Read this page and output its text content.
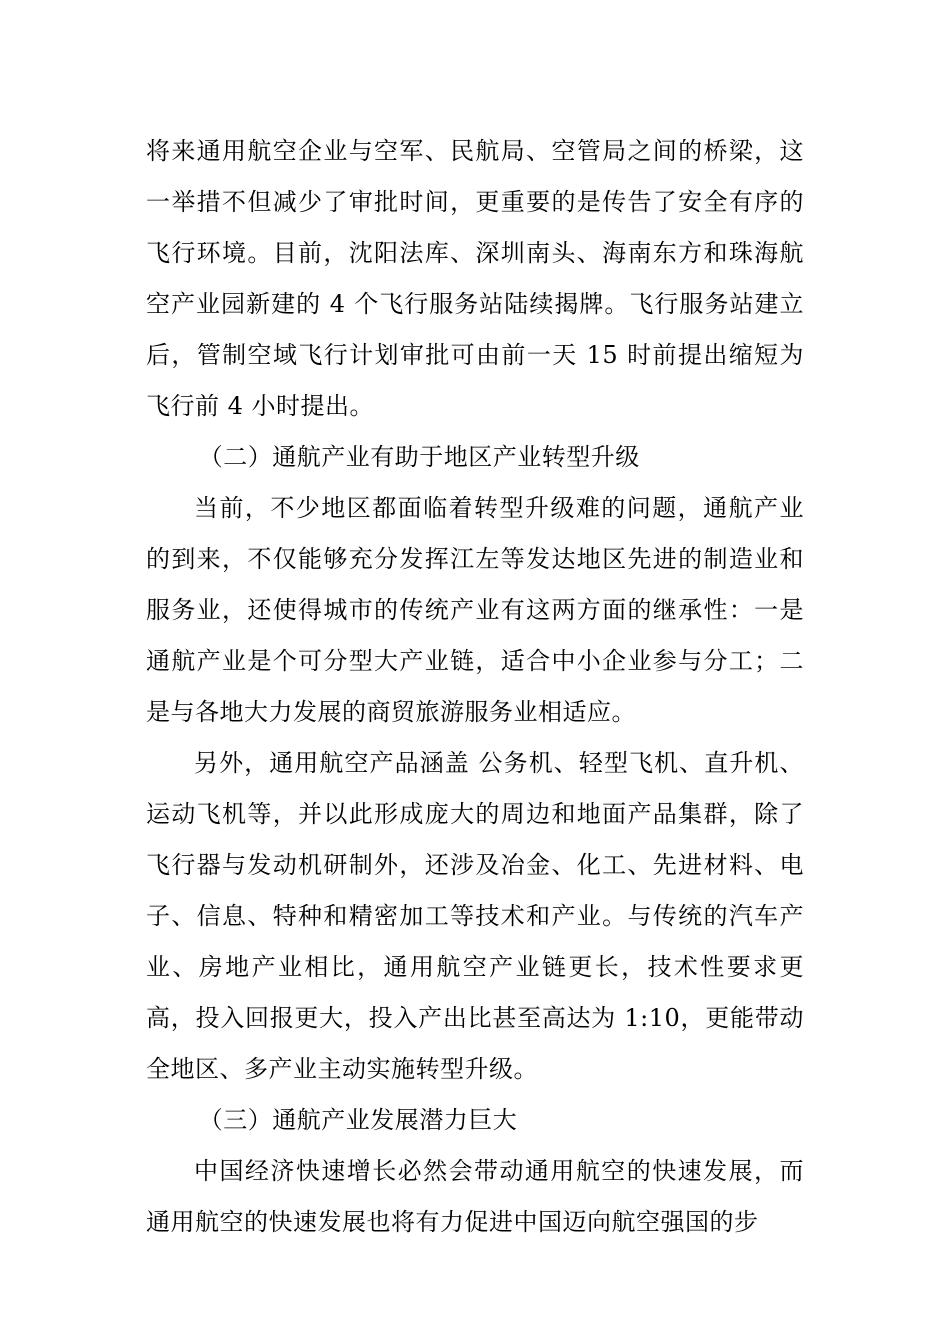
将来通用航空企业与空军、民航局、空管局之间的桥梁，这一举措不但减少了审批时间，更重要的是传告了安全有序的飞行环境。目前，沈阳法库、深圳南头、海南东方和珠海航空产业园新建的 4 个飞行服务站陆续揭牌。飞行服务站建立后，管制空域飞行计划审批可由前一天 15 时前提出缩短为飞行前 4 小时提出。

（二）通航产业有助于地区产业转型升级

当前，不少地区都面临着转型升级难的问题，通航产业的到来，不仅能够充分发挥江左等发达地区先进的制造业和服务业，还使得城市的传统产业有这两方面的继承性：一是通航产业是个可分型大产业链，适合中小企业参与分工；二是与各地大力发展的商贸旅游服务业相适应。

另外，通用航空产品涵盖 公务机、轻型飞机、直升机、运动飞机等，并以此形成庞大的周边和地面产品集群，除了飞行器与发动机研制外，还涉及冶金、化工、先进材料、电子、信息、特种和精密加工等技术和产业。与传统的汽车产业、房地产业相比，通用航空产业链更长，技术性要求更高，投入回报更大，投入产出比甚至高达为 1:10，更能带动全地区、多产业主动实施转型升级。

（三）通航产业发展潜力巨大

中国经济快速增长必然会带动通用航空的快速发展，而通用航空的快速发展也将有力促进中国迈向航空强国的步
